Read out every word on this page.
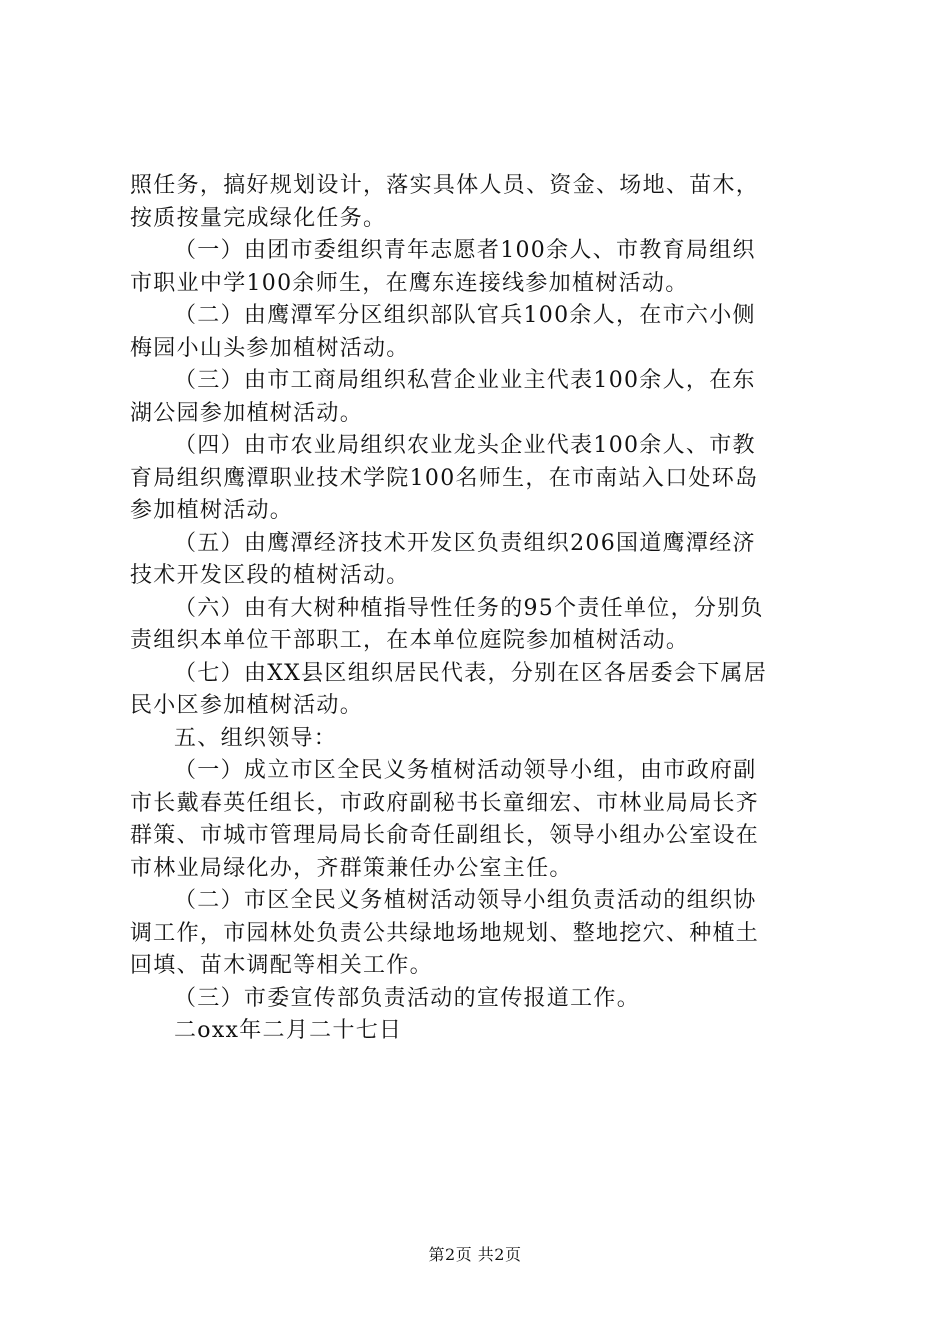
照任务，搞好规划设计，落实具体人员、资金、场地、苗木，
按质按量完成绿化任务。
（一）由团市委组织青年志愿者100余人、市教育局组织
市职业中学100余师生，在鹰东连接线参加植树活动。
（二）由鹰潭军分区组织部队官兵100余人，在市六小侧
梅园小山头参加植树活动。
（三）由市工商局组织私营企业业主代表100余人，在东
湖公园参加植树活动。
（四）由市农业局组织农业龙头企业代表100余人、市教
育局组织鹰潭职业技术学院100名师生，在市南站入口处环岛
参加植树活动。
（五）由鹰潭经济技术开发区负责组织206国道鹰潭经济
技术开发区段的植树活动。
（六）由有大树种植指导性任务的95个责任单位，分别负
责组织本单位干部职工，在本单位庭院参加植树活动。
（七）由XX县区组织居民代表，分别在区各居委会下属居
民小区参加植树活动。
五、组织领导：
（一）成立市区全民义务植树活动领导小组，由市政府副
市长戴春英任组长，市政府副秘书长童细宏、市林业局局长齐
群策、市城市管理局局长俞奇任副组长，领导小组办公室设在
市林业局绿化办，齐群策兼任办公室主任。
（二）市区全民义务植树活动领导小组负责活动的组织协
调工作，市园林处负责公共绿地场地规划、整地挖穴、种植土
回填、苗木调配等相关工作。
（三）市委宣传部负责活动的宣传报道工作。
二oxx年二月二十七日
第2页 共2页
